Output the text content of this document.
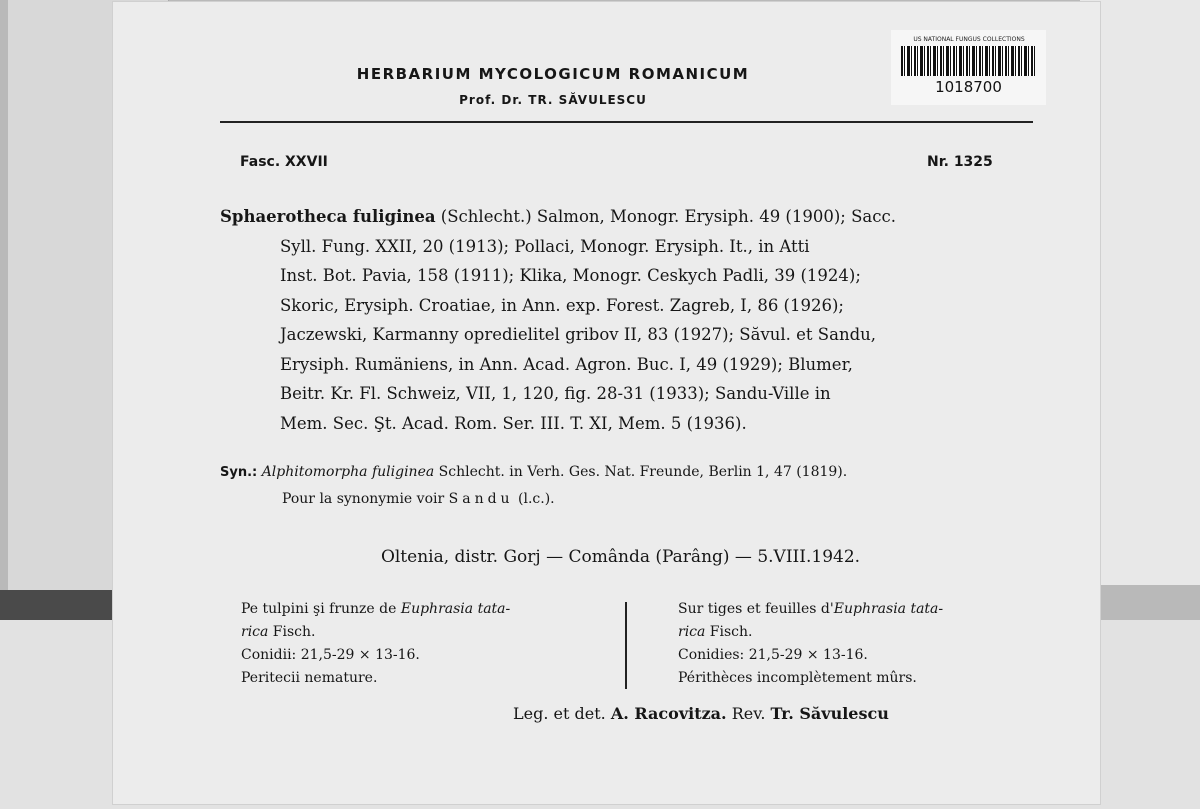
HERBARIUM MYCOLOGICUM ROMANICUM
Prof. Dr. TR. SĂVULESCU
US NATIONAL FUNGUS COLLECTIONS
1018700
Fasc. XXVII	Nr. 1325
Sphaerotheca fuliginea (Schlecht.) Salmon, Monogr. Erysiph. 49 (1900); Sacc.
Syll. Fung. XXII, 20 (1913); Pollaci, Monogr. Erysiph. It., in Atti
Inst. Bot. Pavia, 158 (1911); Klika, Monogr. Ceskych Padli, 39 (1924);
Skoric, Erysiph. Croatiae, in Ann. exp. Forest. Zagreb, I, 86 (1926);
Jaczewski, Karmanny opredielitel gribov II, 83 (1927); Săvul. et Sandu,
Erysiph. Rumäniens, in Ann. Acad. Agron. Buc. I, 49 (1929); Blumer,
Beitr. Kr. Fl. Schweiz, VII, 1, 120, fig. 28-31 (1933); Sandu-Ville in
Mem. Sec. Şt. Acad. Rom. Ser. III. T. XI, Mem. 5 (1936).
Syn.: Alphitomorpha fuliginea Schlecht. in Verh. Ges. Nat. Freunde, Berlin 1, 47 (1819).
Pour la synonymie voir Sandu (l.c.).
Oltenia, distr. Gorj — Comânda (Parâng) — 5.VIII.1942.
Pe tulpini şi frunze de Euphrasia tata-
rica Fisch.
Conidii: 21,5-29 × 13-16.
Peritecii nemature.
Sur tiges et feuilles d'Euphrasia tata-
rica Fisch.
Conidies: 21,5-29 × 13-16.
Périthèces incomplètement mûrs.
Leg. et det. A. Racovitza. Rev. Tr. Săvulescu
